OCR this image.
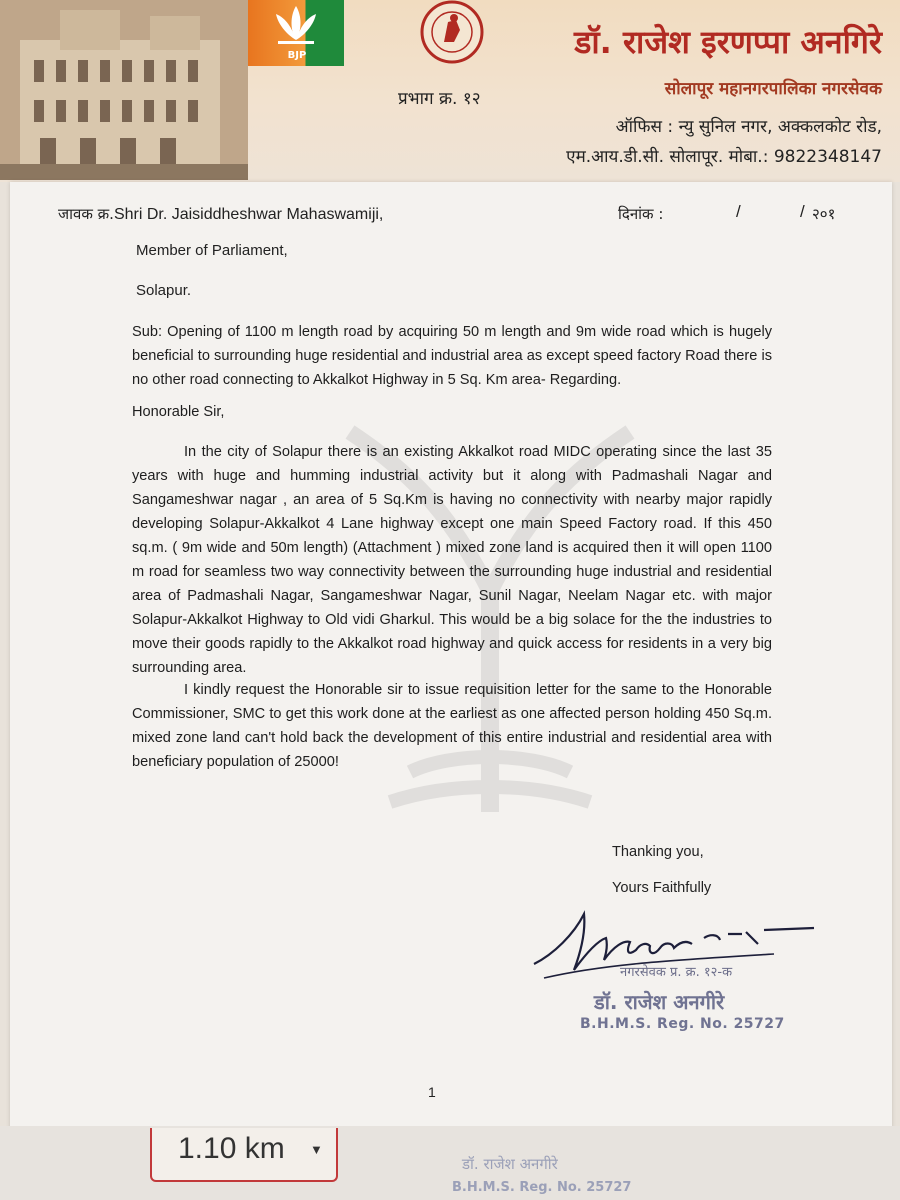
BJP
प्रभाग क्र. १२
डॉ. राजेश इरणप्पा अनगिरे
सोलापूर महानगरपालिका नगरसेवक
ऑफिस : न्यु सुनिल नगर, अक्कलकोट रोड,
एम.आय.डी.सी. सोलापूर. मोबा.: 9822348147
जावक क्र.Shri Dr. Jaisiddheshwar Mahaswamiji,	दिनांक :	/	/ २०१
Member of Parliament,
Solapur.
Sub: Opening of 1100 m length road by acquiring 50 m length and 9m wide road which is hugely beneficial to surrounding huge residential and industrial area as except speed factory Road there is no other road connecting to Akkalkot Highway in 5 Sq. Km area- Regarding.
Honorable Sir,
In the city of Solapur there is an existing Akkalkot road MIDC operating since the last 35 years with huge and humming industrial activity but it along with Padmashali Nagar and Sangameshwar nagar , an area of 5 Sq.Km is having no connectivity with nearby major rapidly developing Solapur-Akkalkot 4 Lane highway except one main Speed Factory road. If this 450 sq.m. ( 9m wide and 50m length) (Attachment ) mixed zone land is acquired then it will open 1100 m road for seamless two way connectivity between the surrounding huge industrial and residential area of Padmashali Nagar, Sangameshwar Nagar, Sunil Nagar, Neelam Nagar etc. with major Solapur-Akkalkot Highway to Old vidi Gharkul. This would be a big solace for the the industries to move their goods rapidly to the Akkalkot road highway and quick access for residents in a very big surrounding area.
I kindly request the Honorable sir to issue requisition letter for the same to the Honorable Commissioner, SMC to get this work done at the earliest as one affected person holding 450 Sq.m. mixed zone land can't hold back the development of this entire industrial and residential area with beneficiary population of 25000!
Thanking you,
Yours Faithfully
नगरसेवक प्र. क्र. १२-क
डॉ. राजेश अनगीरे
B.H.M.S. Reg. No. 25727
1
1.10 km ▼
डॉ. राजेश अनगीरे
B.H.M.S. Reg. No. 25727
